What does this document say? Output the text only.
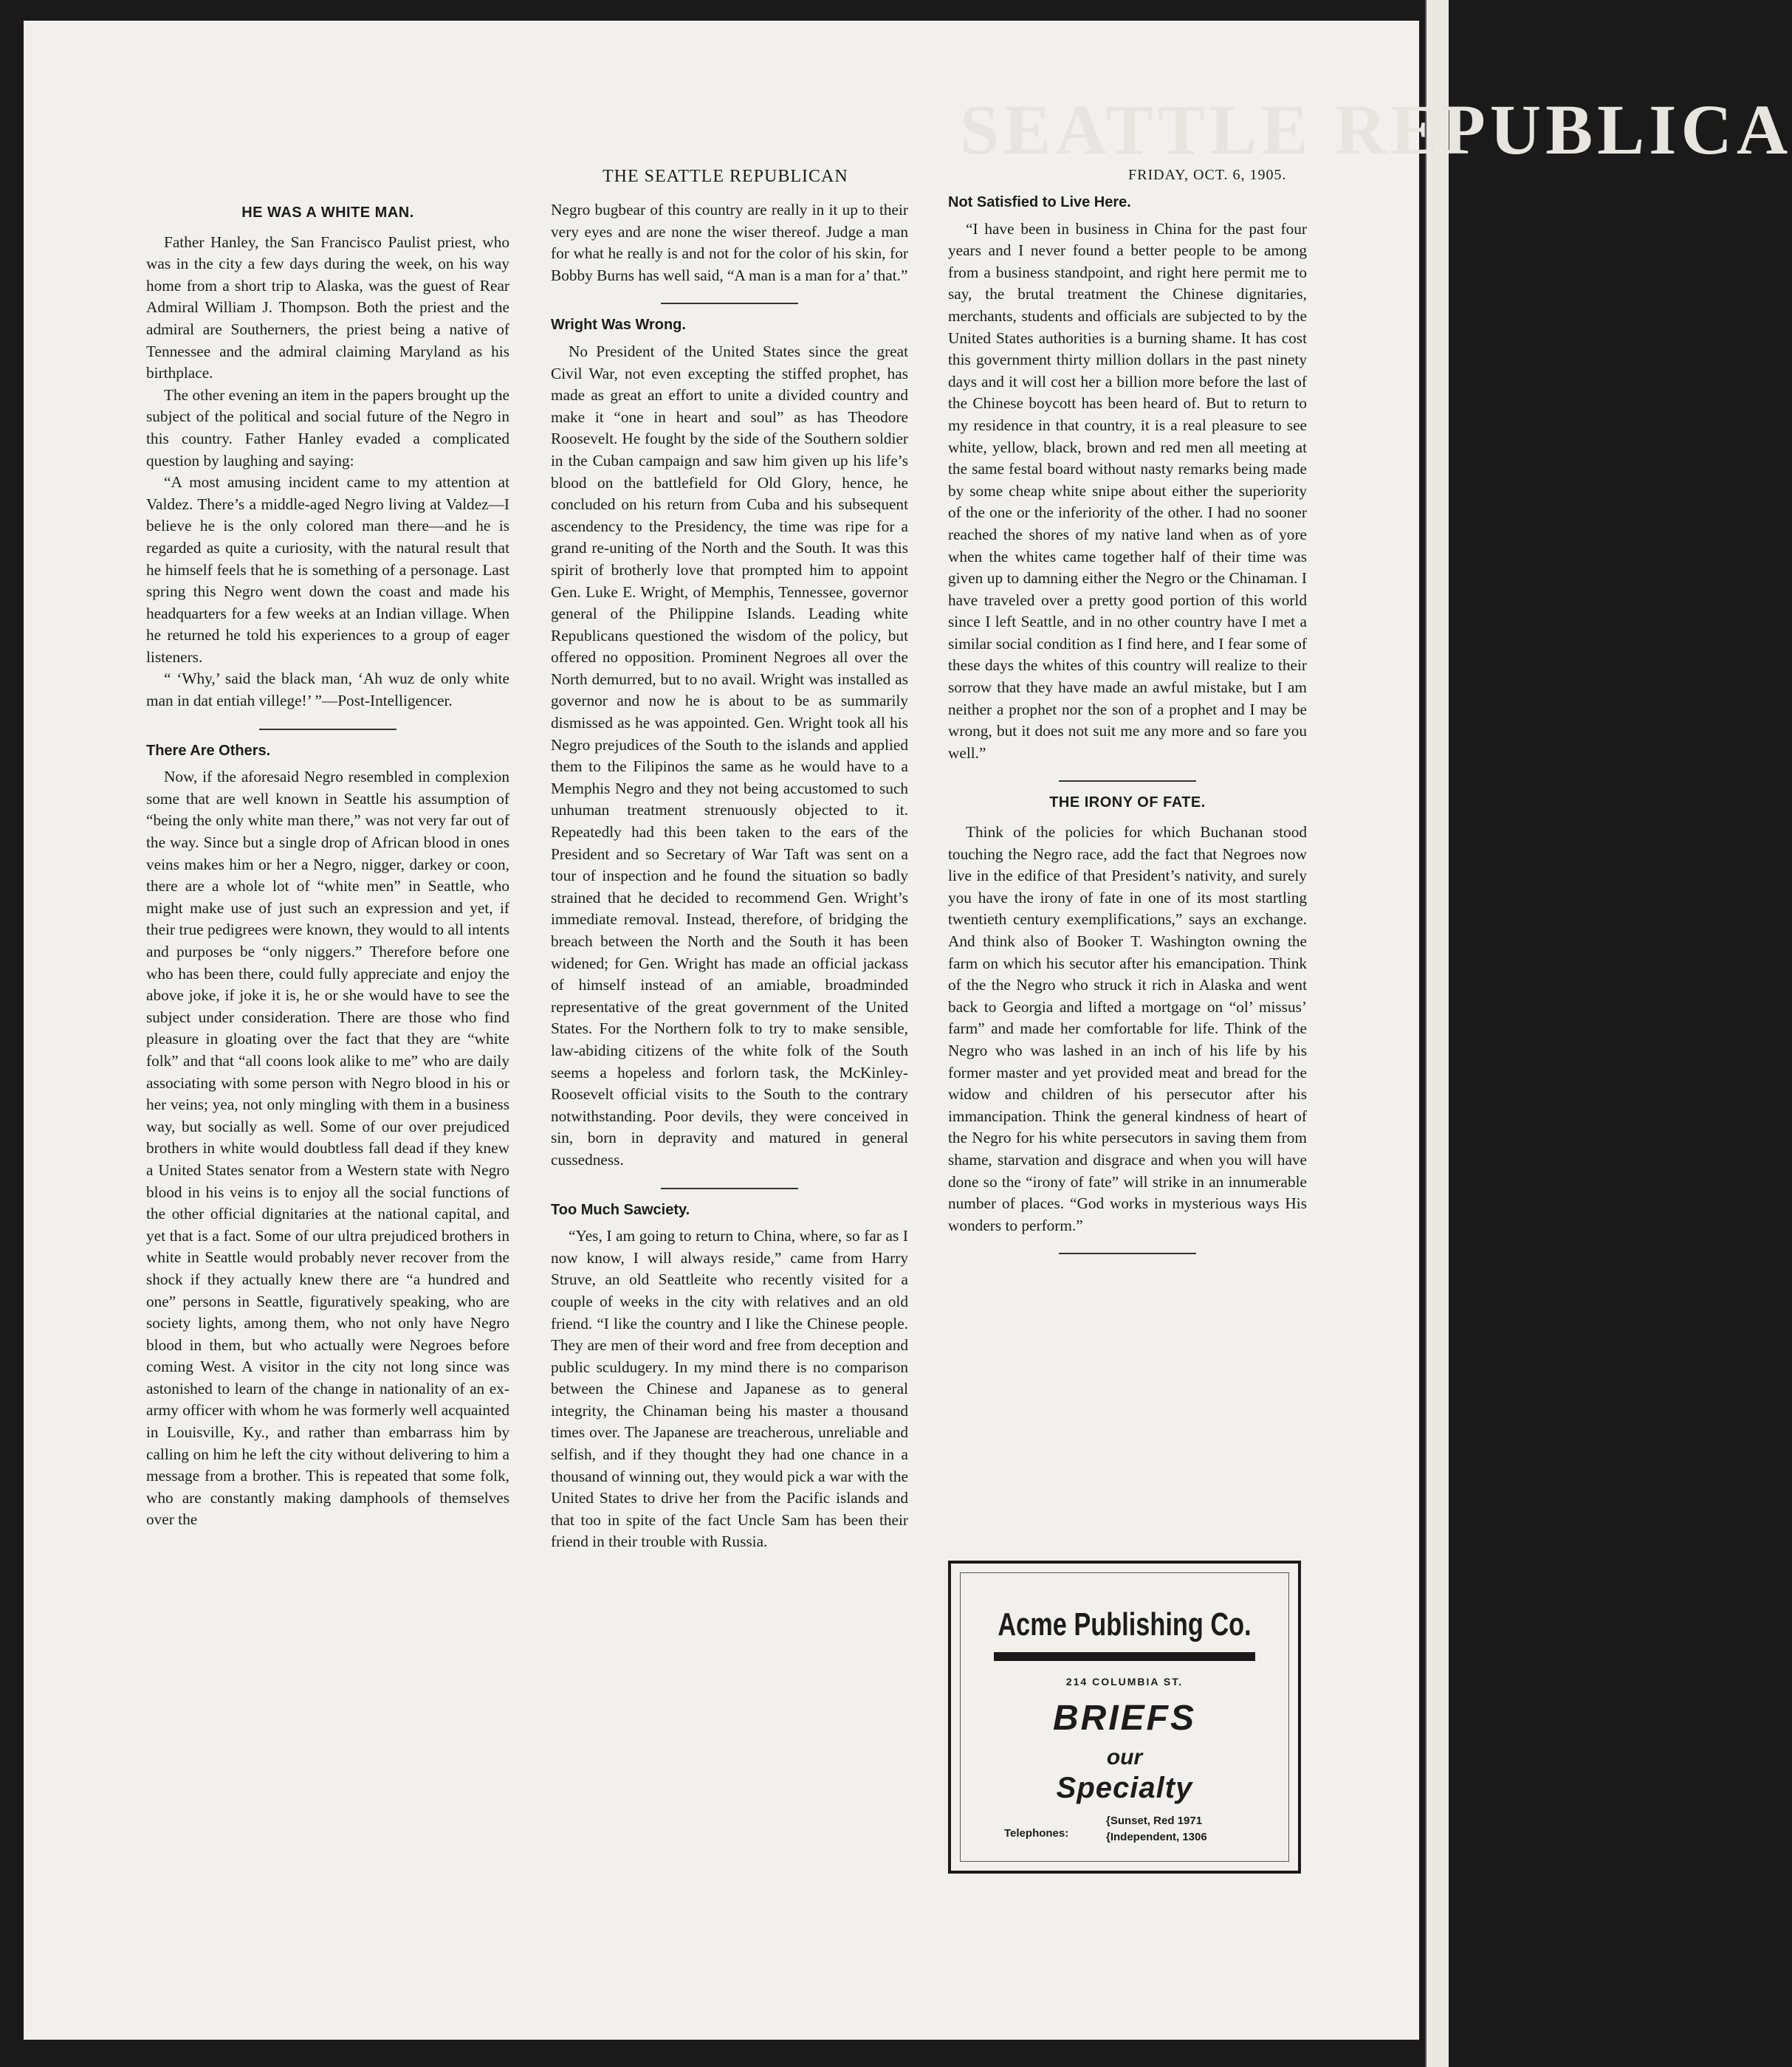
SEATTLE REPUBLICA
THE SEATTLE REPUBLICAN	FRIDAY, OCT. 6, 1905.
HE WAS A WHITE MAN.

Father Hanley, the San Francisco Paulist priest, who was in the city a few days during the week, on his way home from a short trip to Alaska, was the guest of Rear Admiral William J. Thompson. Both the priest and the admiral are Southerners, the priest being a native of Tennessee and the admiral claiming Maryland as his birthplace.

The other evening an item in the papers brought up the subject of the political and social future of the Negro in this country. Father Hanley evaded a complicated question by laughing and saying:

“A most amusing incident came to my attention at Valdez. There’s a middle-aged Negro living at Valdez—I believe he is the only colored man there—and he is regarded as quite a curiosity, with the natural result that he himself feels that he is something of a personage. Last spring this Negro went down the coast and made his headquarters for a few weeks at an Indian village. When he returned he told his experiences to a group of eager listeners.

“ ‘Why,’ said the black man, ‘Ah wuz de only white man in dat entiah villege!’ ”—Post-Intelligencer.

There Are Others.

Now, if the aforesaid Negro resembled in complexion some that are well known in Seattle his assumption of “being the only white man there,” was not very far out of the way. Since but a single drop of African blood in ones veins makes him or her a Negro, nigger, darkey or coon, there are a whole lot of “white men” in Seattle, who might make use of just such an expression and yet, if their true pedigrees were known, they would to all intents and purposes be “only niggers.” Therefore before one who has been there, could fully appreciate and enjoy the above joke, if joke it is, he or she would have to see the subject under consideration. There are those who find pleasure in gloating over the fact that they are “white folk” and that “all coons look alike to me” who are daily associating with some person with Negro blood in his or her veins; yea, not only mingling with them in a business way, but socially as well. Some of our over prejudiced brothers in white would doubtless fall dead if they knew a United States senator from a Western state with Negro blood in his veins is to enjoy all the social functions of the other official dignitaries at the national capital, and yet that is a fact. Some of our ultra prejudiced brothers in white in Seattle would probably never recover from the shock if they actually knew there are “a hundred and one” persons in Seattle, figuratively speaking, who are society lights, among them, who not only have Negro blood in them, but who actually were Negroes before coming West. A visitor in the city not long since was astonished to learn of the change in nationality of an ex-army officer with whom he was formerly well acquainted in Louisville, Ky., and rather than embarrass him by calling on him he left the city without delivering to him a message from a brother. This is repeated that some folk, who are constantly making damphools of themselves over the

Negro bugbear of this country are really in it up to their very eyes and are none the wiser thereof. Judge a man for what he really is and not for the color of his skin, for Bobby Burns has well said, “A man is a man for a’ that.”

Wright Was Wrong.

No President of the United States since the great Civil War, not even excepting the stiffed prophet, has made as great an effort to unite a divided country and make it “one in heart and soul” as has Theodore Roosevelt. He fought by the side of the Southern soldier in the Cuban campaign and saw him given up his life’s blood on the battlefield for Old Glory, hence, he concluded on his return from Cuba and his subsequent ascendency to the Presidency, the time was ripe for a grand re-uniting of the North and the South. It was this spirit of brotherly love that prompted him to appoint Gen. Luke E. Wright, of Memphis, Tennessee, governor general of the Philippine Islands. Leading white Republicans questioned the wisdom of the policy, but offered no opposition. Prominent Negroes all over the North demurred, but to no avail. Wright was installed as governor and now he is about to be as summarily dismissed as he was appointed. Gen. Wright took all his Negro prejudices of the South to the islands and applied them to the Filipinos the same as he would have to a Memphis Negro and they not being accustomed to such unhuman treatment strenuously objected to it. Repeatedly had this been taken to the ears of the President and so Secretary of War Taft was sent on a tour of inspection and he found the situation so badly strained that he decided to recommend Gen. Wright’s immediate removal. Instead, therefore, of bridging the breach between the North and the South it has been widened; for Gen. Wright has made an official jackass of himself instead of an amiable, broadminded representative of the great government of the United States. For the Northern folk to try to make sensible, law-abiding citizens of the white folk of the South seems a hopeless and forlorn task, the McKinley-Roosevelt official visits to the South to the contrary notwithstanding. Poor devils, they were conceived in sin, born in depravity and matured in general cussedness.

Too Much Sawciety.

“Yes, I am going to return to China, where, so far as I now know, I will always reside,” came from Harry Struve, an old Seattleite who recently visited for a couple of weeks in the city with relatives and an old friend. “I like the country and I like the Chinese people. They are men of their word and free from deception and public sculdugery. In my mind there is no comparison between the Chinese and Japanese as to general integrity, the Chinaman being his master a thousand times over. The Japanese are treacherous, unreliable and selfish, and if they thought they had one chance in a thousand of winning out, they would pick a war with the United States to drive her from the Pacific islands and that too in spite of the fact Uncle Sam has been their friend in their trouble with Russia.

Not Satisfied to Live Here.

“I have been in business in China for the past four years and I never found a better people to be among from a business standpoint, and right here permit me to say, the brutal treatment the Chinese dignitaries, merchants, students and officials are subjected to by the United States authorities is a burning shame. It has cost this government thirty million dollars in the past ninety days and it will cost her a billion more before the last of the Chinese boycott has been heard of. But to return to my residence in that country, it is a real pleasure to see white, yellow, black, brown and red men all meeting at the same festal board without nasty remarks being made by some cheap white snipe about either the superiority of the one or the inferiority of the other. I had no sooner reached the shores of my native land when as of yore when the whites came together half of their time was given up to damning either the Negro or the Chinaman. I have traveled over a pretty good portion of this world since I left Seattle, and in no other country have I met a similar social condition as I find here, and I fear some of these days the whites of this country will realize to their sorrow that they have made an awful mistake, but I am neither a prophet nor the son of a prophet and I may be wrong, but it does not suit me any more and so fare you well.”

THE IRONY OF FATE.

Think of the policies for which Buchanan stood touching the Negro race, add the fact that Negroes now live in the edifice of that President’s nativity, and surely you have the irony of fate in one of its most startling twentieth century exemplifications,” says an exchange. And think also of Booker T. Washington owning the farm on which his secutor after his emancipation. Think of the the Negro who struck it rich in Alaska and went back to Georgia and lifted a mortgage on “ol’ missus’ farm” and made her comfortable for life. Think of the Negro who was lashed in an inch of his life by his former master and yet provided meat and bread for the widow and children of his persecutor after his immancipation. Think the general kindness of heart of the Negro for his white persecutors in saving them from shame, starvation and disgrace and when you will have done so the “irony of fate” will strike in an innumerable number of places. “God works in mysterious ways His wonders to perform.”

Acme Publishing Co.
214 COLUMBIA ST.
BRIEFS
our
Specialty
Telephones:
{Sunset, Red 1971
{Independent, 1306
